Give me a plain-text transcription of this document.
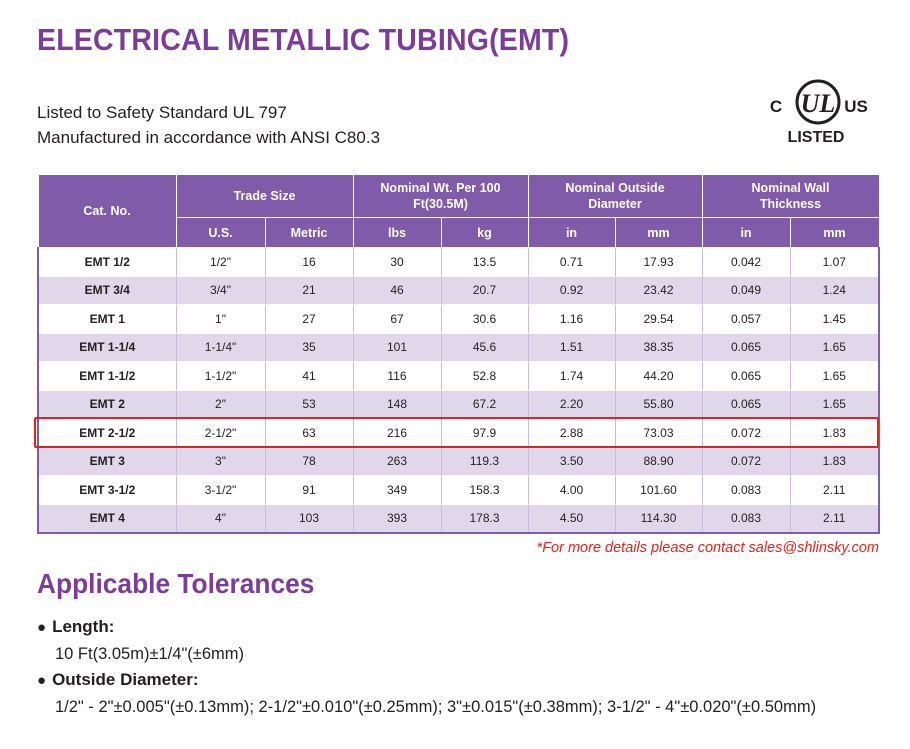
ELECTRICAL METALLIC TUBING(EMT)
Listed to Safety Standard UL 797
Manufactured in accordance with ANSI C80.3
UL
C	US
LISTED
Cat. No.	Trade Size		Nominal Wt. Per 100 Ft(30.5M)		Nominal Outside Diameter		Nominal Wall Thickness	

	U.S.	Metric	lbs	kg	in	mm	in	mm
EMT 1/2	1/2"	16	30	13.5	0.71	17.93	0.042	1.07
EMT 3/4	3/4"	21	46	20.7	0.92	23.42	0.049	1.24
EMT 1	1"	27	67	30.6	1.16	29.54	0.057	1.45
EMT 1-1/4	1-1/4"	35	101	45.6	1.51	38.35	0.065	1.65
EMT 1-1/2	1-1/2"	41	116	52.8	1.74	44.20	0.065	1.65
EMT 2	2"	53	148	67.2	2.20	55.80	0.065	1.65
EMT 2-1/2	2-1/2"	63	216	97.9	2.88	73.03	0.072	1.83
EMT 3	3"	78	263	119.3	3.50	88.90	0.072	1.83
EMT 3-1/2	3-1/2"	91	349	158.3	4.00	101.60	0.083	2.11
EMT 4	4"	103	393	178.3	4.50	114.30	0.083	2.11
*For more details please contact sales@shlinsky.com
Applicable Tolerances
● Length:
10 Ft(3.05m)±1/4"(±6mm)
● Outside Diameter:
1/2" - 2"±0.005"(±0.13mm); 2-1/2"±0.010"(±0.25mm); 3"±0.015"(±0.38mm); 3-1/2" - 4"±0.020"(±0.50mm)
